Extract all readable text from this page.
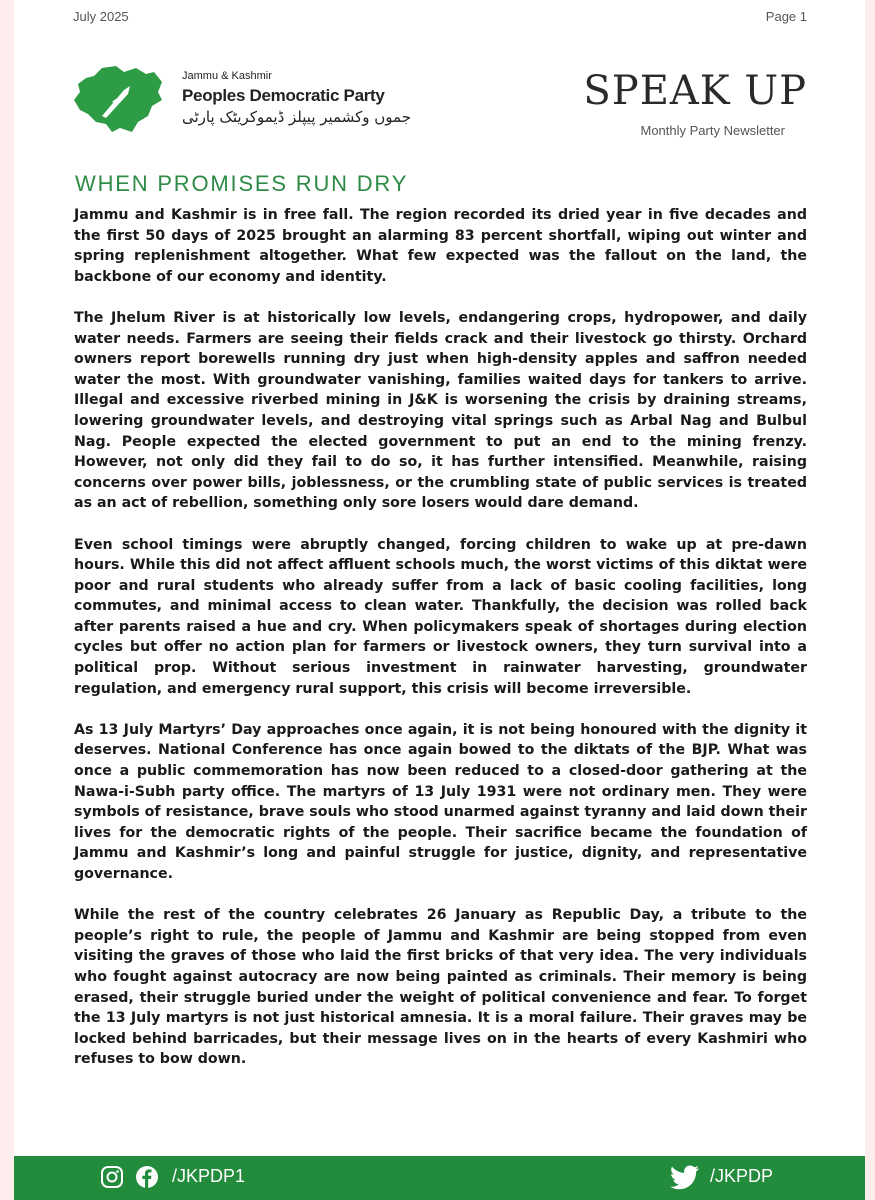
July 2025	Page 1
Jammu & Kashmir
Peoples Democratic Party
جموں وکشمیر پیپلز ڈیموکریٹک پارٹی
SPEAK UP
Monthly Party Newsletter
WHEN PROMISES RUN DRY

Jammu and Kashmir is in free fall. The region recorded its dried year in five decades and the first 50 days of 2025 brought an alarming 83 percent shortfall, wiping out winter and spring replenishment altogether. What few expected was the fallout on the land, the backbone of our economy and identity.

The Jhelum River is at historically low levels, endangering crops, hydropower, and daily water needs. Farmers are seeing their fields crack and their livestock go thirsty. Orchard owners report borewells running dry just when high-density apples and saffron needed water the most. With groundwater vanishing, families waited days for tankers to arrive. Illegal and excessive riverbed mining in J&K is worsening the crisis by draining streams, lowering groundwater levels, and destroying vital springs such as Arbal Nag and Bulbul Nag. People expected the elected government to put an end to the mining frenzy. However, not only did they fail to do so, it has further intensified. Meanwhile, raising concerns over power bills, joblessness, or the crumbling state of public services is treated as an act of rebellion, something only sore losers would dare demand.

Even school timings were abruptly changed, forcing children to wake up at pre-dawn hours. While this did not affect affluent schools much, the worst victims of this diktat were poor and rural students who already suffer from a lack of basic cooling facilities, long commutes, and minimal access to clean water. Thankfully, the decision was rolled back after parents raised a hue and cry. When policymakers speak of shortages during election cycles but offer no action plan for farmers or livestock owners, they turn survival into a political prop. Without serious investment in rainwater harvesting, groundwater regulation, and emergency rural support, this crisis will become irreversible.

As 13 July Martyrs’ Day approaches once again, it is not being honoured with the dignity it deserves. National Conference has once again bowed to the diktats of the BJP. What was once a public commemoration has now been reduced to a closed-door gathering at the Nawa-i-Subh party office. The martyrs of 13 July 1931 were not ordinary men. They were symbols of resistance, brave souls who stood unarmed against tyranny and laid down their lives for the democratic rights of the people. Their sacrifice became the foundation of Jammu and Kashmir’s long and painful struggle for justice, dignity, and representative governance.

While the rest of the country celebrates 26 January as Republic Day, a tribute to the people’s right to rule, the people of Jammu and Kashmir are being stopped from even visiting the graves of those who laid the first bricks of that very idea. The very individuals who fought against autocracy are now being painted as criminals. Their memory is being erased, their struggle buried under the weight of political convenience and fear. To forget the 13 July martyrs is not just historical amnesia. It is a moral failure. Their graves may be locked behind barricades, but their message lives on in the hearts of every Kashmiri who refuses to bow down.

/JKPDP1	/JKPDP
